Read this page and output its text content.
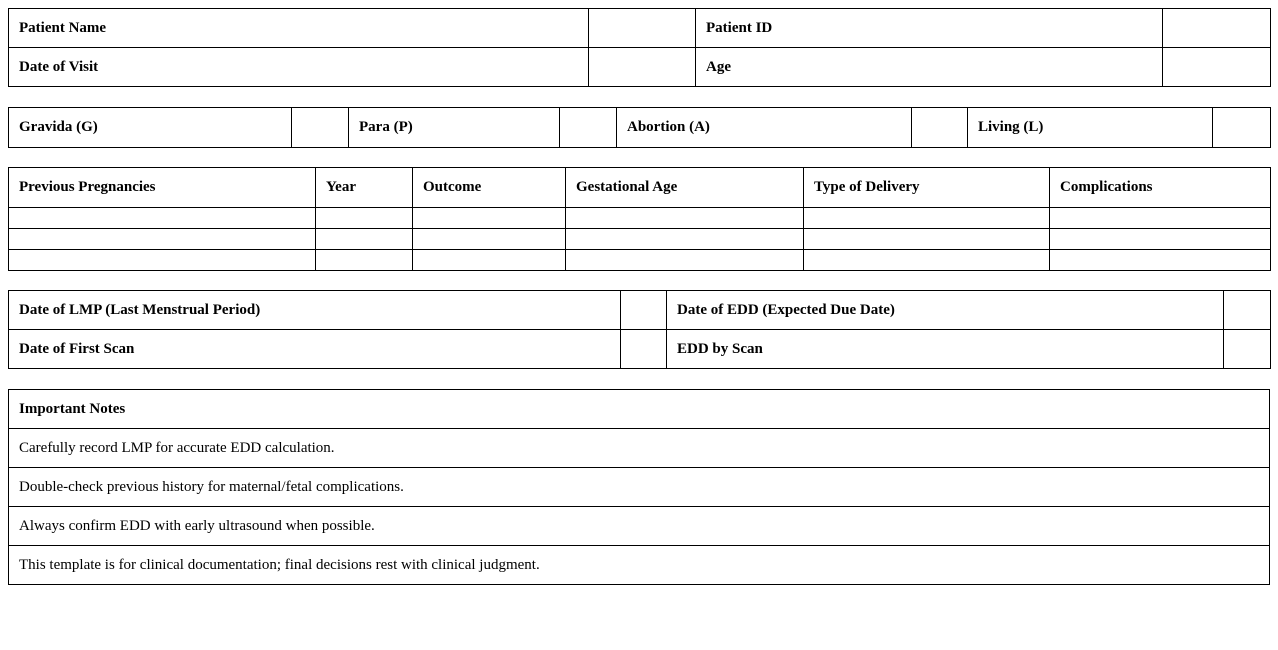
Patient Name		Patient ID	
Date of Visit		Age	
Gravida (G)		Para (P)		Abortion (A)		Living (L)	
Previous Pregnancies	Year	Outcome	Gestational Age	Type of Delivery	Complications

Date of LMP (Last Menstrual Period)		Date of EDD (Expected Due Date)	
Date of First Scan		EDD by Scan	
Important Notes
Carefully record LMP for accurate EDD calculation.
Double-check previous history for maternal/fetal complications.
Always confirm EDD with early ultrasound when possible.
This template is for clinical documentation; final decisions rest with clinical judgment.
